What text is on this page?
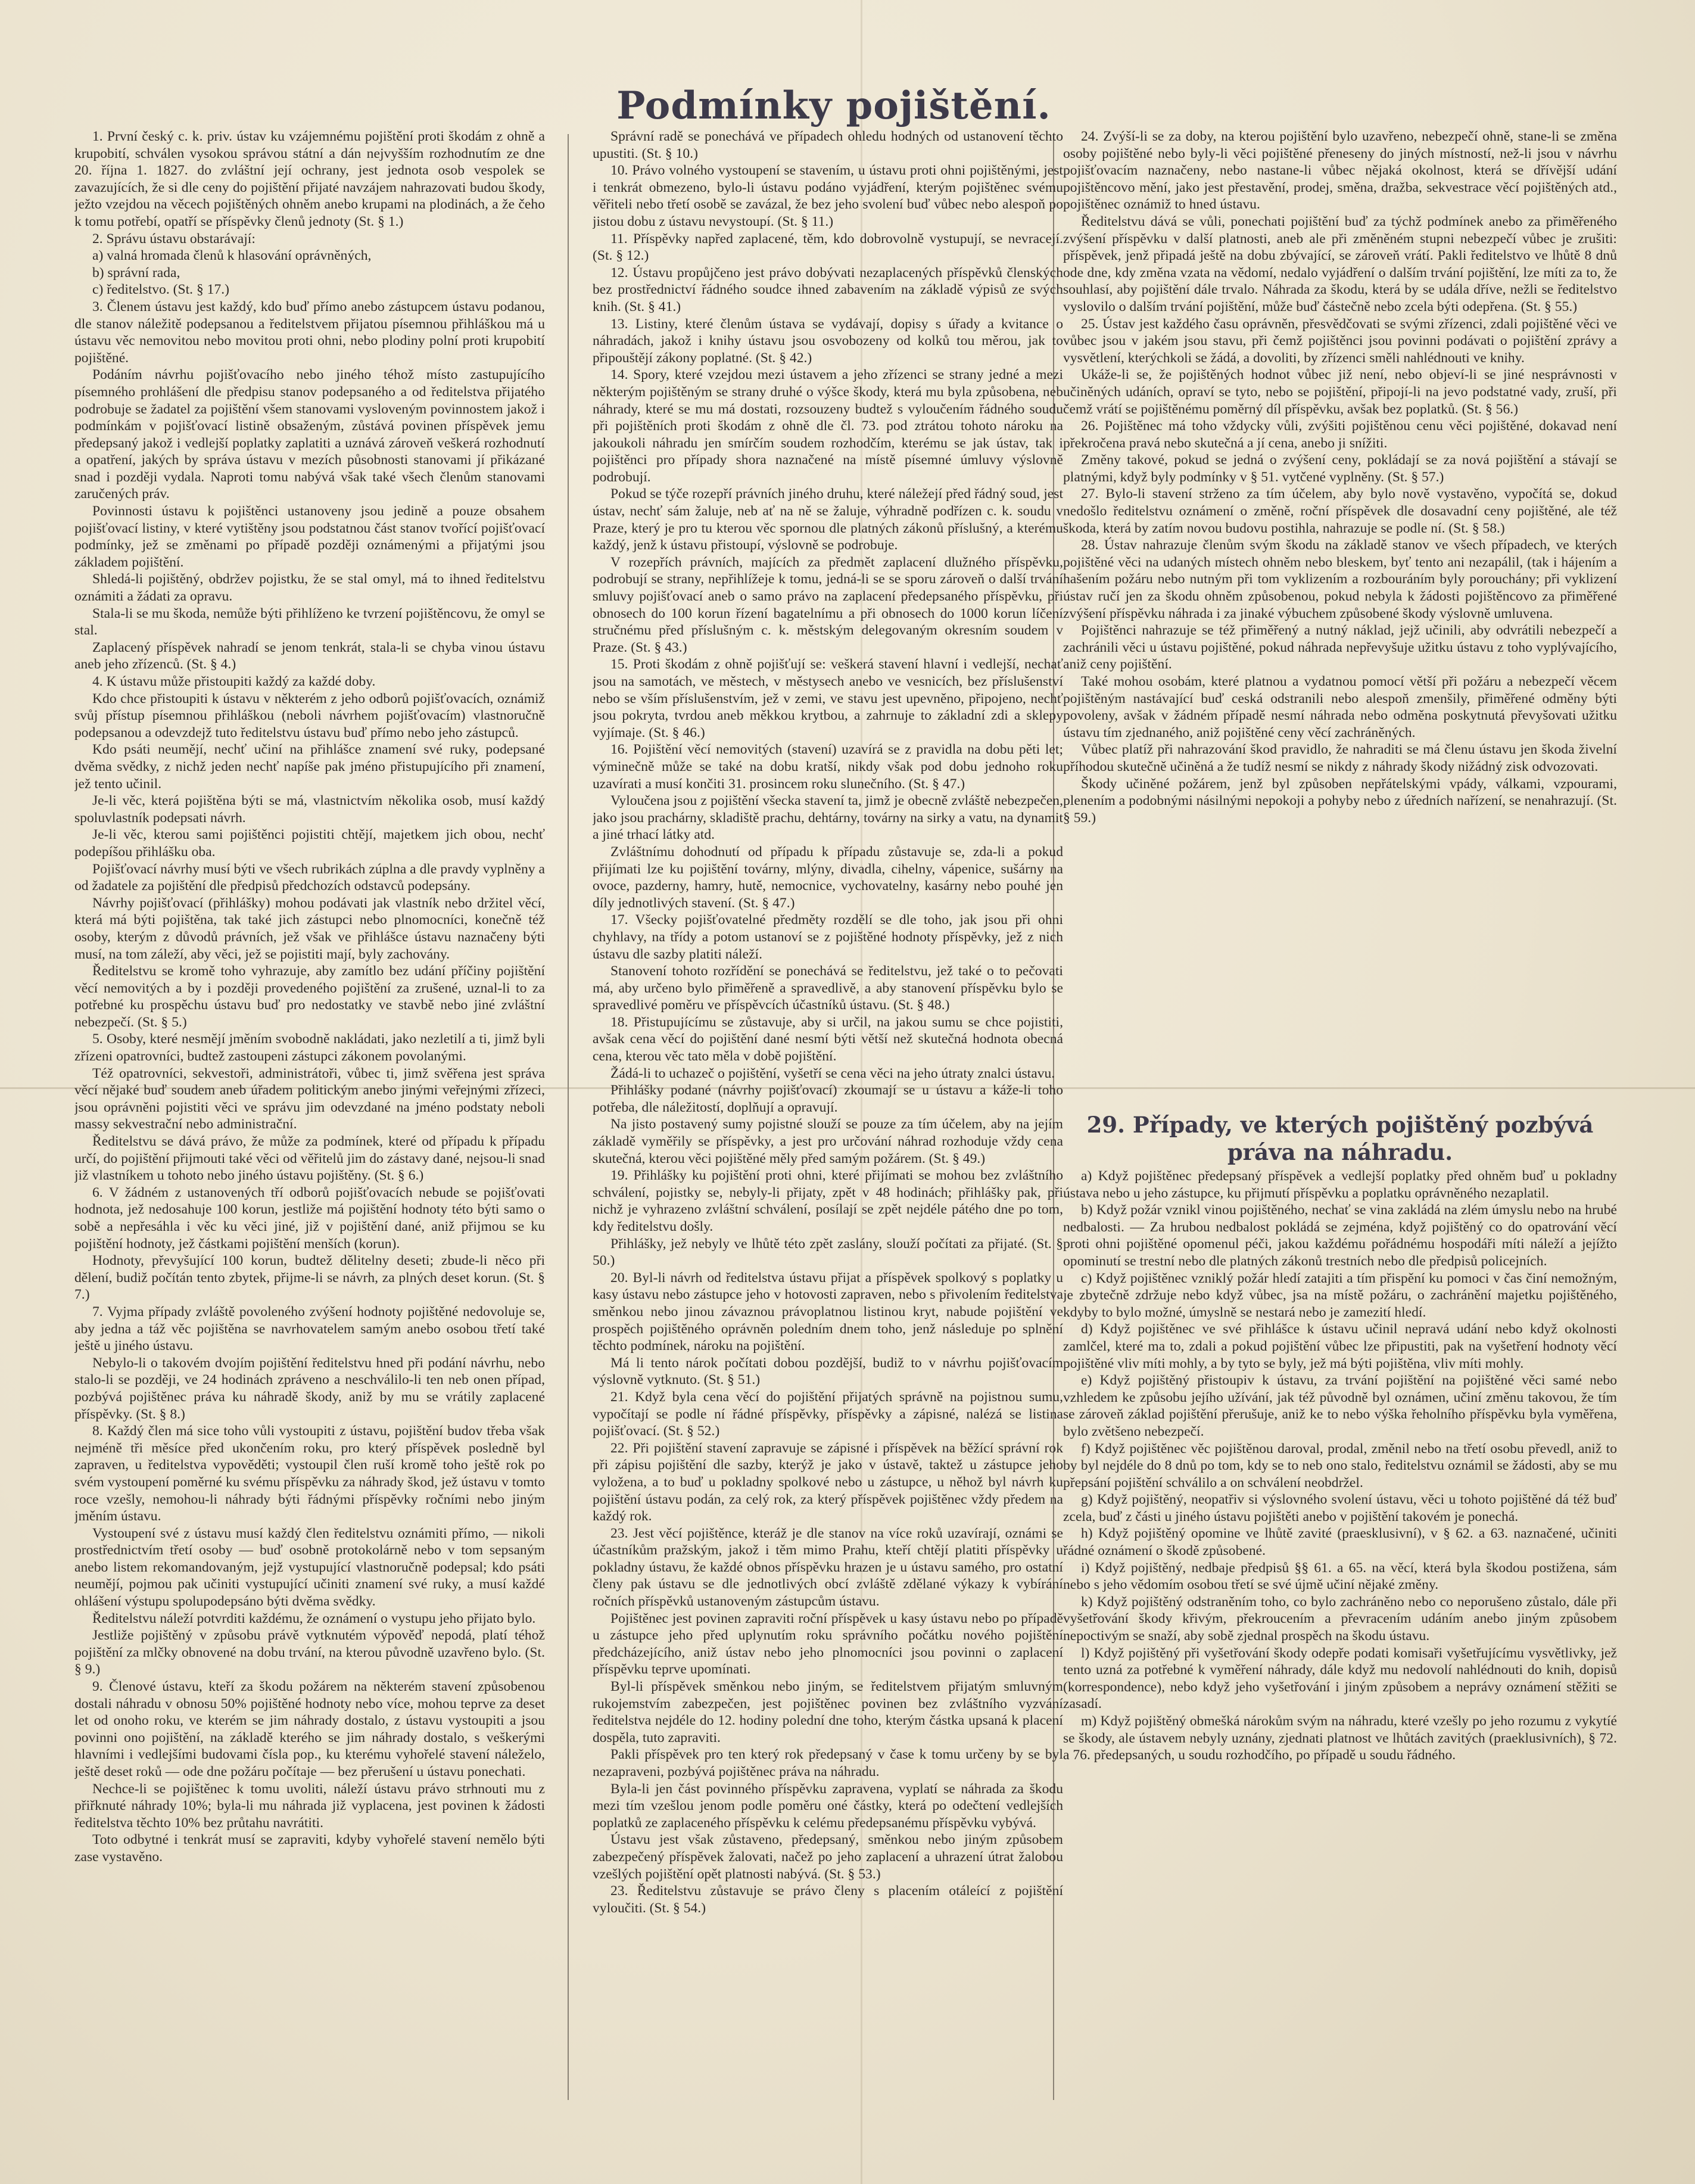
Podmínky pojištění.

1. První český c. k. priv. ústav ku vzájemnému pojištění proti škodám z ohně a krupobití, schválen vysokou správou státní a dán nejvyšším rozhodnutím ze dne 20. října 1. 1827. do zvláštní její ochrany, jest jednota osob vespolek se zavazujících, že si dle ceny do pojištění přijaté navzájem nahrazovati budou škody, ježto vzejdou na věcech pojištěných ohněm anebo krupami na plodinách, a že čeho k tomu potřebí, opatří se příspěvky členů jednoty (St. § 1.)

2. Správu ústavu obstarávají:

a) valná hromada členů k hlasování oprávněných,

b) správní rada,

c) ředitelstvo. (St. § 17.)

3. Členem ústavu jest každý, kdo buď přímo anebo zástupcem ústavu podanou, dle stanov náležitě podepsanou a ředitelstvem přijatou písemnou přihláškou má u ústavu věc nemovitou nebo movitou proti ohni, nebo plodiny polní proti krupobití pojištěné.

Podáním návrhu pojišťovacího nebo jiného téhož místo zastupujícího písemného prohlášení dle předpisu stanov podepsaného a od ředitelstva přijatého podrobuje se žadatel za pojištění všem stanovami vysloveným povinnostem jakož i podmínkám v pojišťovací listině obsaženým, zůstává povinen příspěvek jemu předepsaný jakož i vedlejší poplatky zaplatiti a uznává zároveň veškerá rozhodnutí a opatření, jakých by správa ústavu v mezích působnosti stanovami jí přikázané snad i později vydala. Naproti tomu nabývá však také všech členům stanovami zaručených práv.

Povinnosti ústavu k pojištěnci ustanoveny jsou jedině a pouze obsahem pojišťovací listiny, v které vytištěny jsou podstatnou část stanov tvořící pojišťovací podmínky, jež se změnami po případě později oznámenými a přijatými jsou základem pojištění.

Shledá-li pojištěný, obdržev pojistku, že se stal omyl, má to ihned ředitelstvu oznámiti a žádati za opravu.

Stala-li se mu škoda, nemůže býti přihlíženo ke tvrzení pojištěncovu, že omyl se stal.

Zaplacený příspěvek nahradí se jenom tenkrát, stala-li se chyba vinou ústavu aneb jeho zřízenců. (St. § 4.)

4. K ústavu může přistoupiti každý za každé doby.

Kdo chce přistoupiti k ústavu v některém z jeho odborů pojišťovacích, oznámiž svůj přístup písemnou přihláškou (neboli návrhem pojišťovacím) vlastnoručně podepsanou a odevzdejž tuto ředitelstvu ústavu buď přímo nebo jeho zástupců.

Kdo psáti neumějí, nechť učiní na přihlášce znamení své ruky, podepsané dvěma svědky, z nichž jeden nechť napíše pak jméno přistupujícího při znamení, jež tento učinil.

Je-li věc, která pojištěna býti se má, vlastnictvím několika osob, musí každý spoluvlastník podepsati návrh.

Je-li věc, kterou sami pojištěnci pojistiti chtějí, majetkem jich obou, nechť podepíšou přihlášku oba.

Pojišťovací návrhy musí býti ve všech rubrikách zúplna a dle pravdy vyplněny a od žadatele za pojištění dle předpisů předchozích odstavců podepsány.

Návrhy pojišťovací (přihlášky) mohou podávati jak vlastník nebo držitel věcí, která má býti pojištěna, tak také jich zástupci nebo plnomocníci, konečně též osoby, kterým z důvodů právních, jež však ve přihlášce ústavu naznačeny býti musí, na tom záleží, aby věci, jež se pojistiti mají, byly zachovány.

Ředitelstvu se kromě toho vyhrazuje, aby zamítlo bez udání příčiny pojištění věcí nemovitých a by i později provedeného pojištění za zrušené, uznal-li to za potřebné ku prospěchu ústavu buď pro nedostatky ve stavbě nebo jiné zvláštní nebezpečí. (St. § 5.)

5. Osoby, které nesmějí jměním svobodně nakládati, jako nezletilí a ti, jimž byli zřízeni opatrovníci, budtež zastoupeni zástupci zákonem povolanými.

Též opatrovníci, sekvestoři, administrátoři, vůbec ti, jimž svěřena jest správa věcí nějaké buď soudem aneb úřadem politickým anebo jinými veřejnými zřízeci, jsou oprávněni pojistiti věci ve správu jim odevzdané na jméno podstaty neboli massy sekvestrační nebo administrační.

Ředitelstvu se dává právo, že může za podmínek, které od případu k případu určí, do pojištění přijmouti také věci od věřitelů jim do zástavy dané, nejsou-li snad již vlastníkem u tohoto nebo jiného ústavu pojištěny. (St. § 6.)

6. V žádném z ustanovených tří odborů pojišťovacích nebude se pojišťovati hodnota, jež nedosahuje 100 korun, jestliže má pojištění hodnoty této býti samo o sobě a nepřesáhla i věc ku věci jiné, již v pojištění dané, aniž přijmou se ku pojištění hodnoty, jež částkami pojištění menších (korun).

Hodnoty, převyšující 100 korun, budtež dělitelny deseti; zbude-li něco při dělení, budiž počítán tento zbytek, přijme-li se návrh, za plných deset korun. (St. § 7.)

7. Vyjma případy zvláště povoleného zvýšení hodnoty pojištěné nedovoluje se, aby jedna a táž věc pojištěna se navrhovatelem samým anebo osobou třetí také ještě u jiného ústavu.

Nebylo-li o takovém dvojím pojištění ředitelstvu hned při podání návrhu, nebo stalo-li se později, ve 24 hodinách zpráveno a neschválilo-li ten neb onen případ, pozbývá pojištěnec práva ku náhradě škody, aniž by mu se vrátily zaplacené příspěvky. (St. § 8.)

8. Každý člen má sice toho vůli vystoupiti z ústavu, pojištění budov třeba však nejméně tři měsíce před ukončením roku, pro který příspěvek posledně byl zapraven, u ředitelstva vypověděti; vystoupil člen ruší kromě toho ještě rok po svém vystoupení poměrné ku svému příspěvku za náhrady škod, jež ústavu v tomto roce vzešly, nemohou-li náhrady býti řádnými příspěvky ročními nebo jiným jměním ústavu.

Vystoupení své z ústavu musí každý člen ředitelstvu oznámiti přímo, — nikoli prostřednictvím třetí osoby — buď osobně protokolárně nebo v tom sepsaným anebo listem rekomandovaným, jejž vystupující vlastnoručně podepsal; kdo psáti neumějí, pojmou pak učiniti vystupující učiniti znamení své ruky, a musí každé ohlášení výstupu spolupodepsáno býti dvěma svědky.

Ředitelstvu náleží potvrditi každému, že oznámení o vystupu jeho přijato bylo.

Jestliže pojištěný v způsobu právě vytknutém výpověď nepodá, platí téhož pojištění za mlčky obnovené na dobu trvání, na kterou původně uzavřeno bylo. (St. § 9.)

9. Členové ústavu, kteří za škodu požárem na některém stavení způsobenou dostali náhradu v obnosu 50% pojištěné hodnoty nebo více, mohou teprve za deset let od onoho roku, ve kterém se jim náhrady dostalo, z ústavu vystoupiti a jsou povinni ono pojištění, na základě kterého se jim náhrady dostalo, s veškerými hlavními i vedlejšími budovami čísla pop., ku kterému vyhořelé stavení náleželo, ještě deset roků — ode dne požáru počítaje — bez přerušení u ústavu ponechati.

Nechce-li se pojištěnec k tomu uvoliti, náleží ústavu právo strhnouti mu z přiřknuté náhrady 10%; byla-li mu náhrada již vyplacena, jest povinen k žádosti ředitelstva těchto 10% bez průtahu navrátiti.

Toto odbytné i tenkrát musí se zapraviti, kdyby vyhořelé stavení nemělo býti zase vystavěno.

Správní radě se ponechává ve případech ohledu hodných od ustanovení těchto upustiti. (St. § 10.)

10. Právo volného vystoupení se stavením, u ústavu proti ohni pojištěnými, jest i tenkrát obmezeno, bylo-li ústavu podáno vyjádření, kterým pojištěnec svému věřiteli nebo třetí osobě se zavázal, že bez jeho svolení buď vůbec nebo alespoň po jistou dobu z ústavu nevystoupí. (St. § 11.)

11. Příspěvky napřed zaplacené, těm, kdo dobrovolně vystupují, se nevracejí. (St. § 12.)

12. Ústavu propůjčeno jest právo dobývati nezaplacených příspěvků členských bez prostřednictví řádného soudce ihned zabavením na základě výpisů ze svých knih. (St. § 41.)

13. Listiny, které členům ústava se vydávají, dopisy s úřady a kvitance o náhradách, jakož i knihy ústavu jsou osvobozeny od kolků tou měrou, jak to připouštějí zákony poplatné. (St. § 42.)

14. Spory, které vzejdou mezi ústavem a jeho zřízenci se strany jedné a mezi některým pojištěným se strany druhé o výšce škody, která mu byla způsobena, neb náhrady, které se mu má dostati, rozsouzeny budtež s vyloučením řádného soudu při pojištěních proti škodám z ohně dle čl. 73. pod ztrátou tohoto nároku na jakoukoli náhradu jen smírčím soudem rozhodčím, kterému se jak ústav, tak i pojištěnci pro případy shora naznačené na místě písemné úmluvy výslovně podrobují.

Pokud se týče rozepří právních jiného druhu, které náležejí před řádný soud, jest ústav, nechť sám žaluje, neb ať na ně se žaluje, výhradně podřízen c. k. soudu v Praze, který je pro tu kterou věc spornou dle platných zákonů příslušný, a kterému každý, jenž k ústavu přistoupí, výslovně se podrobuje.

V rozepřích právních, majících za předmět zaplacení dlužného příspěvku, podrobují se strany, nepřihlížeje k tomu, jedná-li se se sporu zároveň o další trvání smluvy pojišťovací aneb o samo právo na zaplacení předepsaného příspěvku, při obnosech do 100 korun řízení bagatelnímu a při obnosech do 1000 korun líčení stručnému před příslušným c. k. městským delegovaným okresním soudem v Praze. (St. § 43.)

15. Proti škodám z ohně pojišťují se: veškerá stavení hlavní i vedlejší, nechať jsou na samotách, ve městech, v městysech anebo ve vesnicích, bez příslušenství nebo se vším příslušenstvím, jež v zemi, ve stavu jest upevněno, připojeno, nechť jsou pokryta, tvrdou aneb měkkou krytbou, a zahrnuje to základní zdi a sklepy vyjímaje. (St. § 46.)

16. Pojištění věcí nemovitých (stavení) uzavírá se z pravidla na dobu pěti let; výminečně může se také na dobu kratší, nikdy však pod dobu jednoho roku uzavírati a musí končiti 31. prosincem roku slunečního. (St. § 47.)

Vyloučena jsou z pojištění všecka stavení ta, jimž je obecně zvláště nebezpečen, jako jsou prachárny, skladiště prachu, dehtárny, továrny na sirky a vatu, na dynamit a jiné trhací látky atd.

Zvláštnímu dohodnutí od případu k případu zůstavuje se, zda-li a pokud přijímati lze ku pojištění továrny, mlýny, divadla, cihelny, vápenice, sušárny na ovoce, pazderny, hamry, hutě, nemocnice, vychovatelny, kasárny nebo pouhé jen díly jednotlivých stavení. (St. § 47.)

17. Všecky pojišťovatelné předměty rozdělí se dle toho, jak jsou při ohni chyhlavy, na třídy a potom ustanoví se z pojištěné hodnoty příspěvky, jež z nich ústavu dle sazby platiti náleží.

Stanovení tohoto rozřídění se ponechává se ředitelstvu, jež také o to pečovati má, aby určeno bylo přiměřeně a spravedlivě, a aby stanovení příspěvku bylo se spravedlivé poměru ve příspěvcích účastníků ústavu. (St. § 48.)

18. Přistupujícímu se zůstavuje, aby si určil, na jakou sumu se chce pojistiti, avšak cena věcí do pojištění dané nesmí býti větší než skutečná hodnota obecná cena, kterou věc tato měla v době pojištění.

Žádá-li to uchazeč o pojištění, vyšetří se cena věci na jeho útraty znalci ústavu.

Přihlášky podané (návrhy pojišťovací) zkoumají se u ústavu a káže-li toho potřeba, dle náležitostí, doplňují a opravují.

Na jisto postavený sumy pojistné slouží se pouze za tím účelem, aby na jejím základě vyměřily se příspěvky, a jest pro určování náhrad rozhoduje vždy cena skutečná, kterou věci pojištěné měly před samým požárem. (St. § 49.)

19. Přihlášky ku pojištění proti ohni, které přijímati se mohou bez zvláštního schválení, pojistky se, nebyly-li přijaty, zpět v 48 hodinách; přihlášky pak, při nichž je vyhrazeno zvláštní schválení, posílají se zpět nejdéle pátého dne po tom, kdy ředitelstvu došly.

Přihlášky, jež nebyly ve lhůtě této zpět zaslány, slouží počítati za přijaté. (St. § 50.)

20. Byl-li návrh od ředitelstva ústavu přijat a příspěvek spolkový s poplatky u kasy ústavu nebo zástupce jeho v hotovosti zapraven, nebo s přivolením ředitelstva směnkou nebo jinou závaznou právoplatnou listinou kryt, nabude pojištění ve prospěch pojištěného oprávněn poledním dnem toho, jenž následuje po splnění těchto podmínek, nároku na pojištění.

Má li tento nárok počítati dobou pozdější, budiž to v návrhu pojišťovacím výslovně vytknuto. (St. § 51.)

21. Když byla cena věcí do pojištění přijatých správně na pojistnou sumu, vypočítají se podle ní řádné příspěvky, příspěvky a zápisné, nalézá se listina pojišťovací. (St. § 52.)

22. Při pojištění stavení zapravuje se zápisné i příspěvek na běžící správní rok při zápisu pojištění dle sazby, kterýž je jako v ústavě, taktež u zástupce jeho vyložena, a to buď u pokladny spolkové nebo u zástupce, u něhož byl návrh ku pojištění ústavu podán, za celý rok, za který příspěvek pojištěnec vždy předem na každý rok.

23. Jest věcí pojištěnce, kteráž je dle stanov na více roků uzavírají, oznámi se účastníkům pražským, jakož i těm mimo Prahu, kteří chtějí platiti příspěvky u pokladny ústavu, že každé obnos příspěvku hrazen je u ústavu samého, pro ostatní členy pak ústavu se dle jednotlivých obcí zvláště zdělané výkazy k vybírání ročních příspěvků ustanoveným zástupcům ústavu.

Pojištěnec jest povinen zapraviti roční příspěvek u kasy ústavu nebo po případě u zástupce jeho před uplynutím roku správního počátku nového pojištění předcházejícího, aniž ústav nebo jeho plnomocníci jsou povinni o zaplacení příspěvku teprve upomínati.

Byl-li příspěvek směnkou nebo jiným, se ředitelstvem přijatým smluvným rukojemstvím zabezpečen, jest pojištěnec povinen bez zvláštního vyzvání ředitelstva nejdéle do 12. hodiny polední dne toho, kterým částka upsaná k placení dospěla, tuto zapraviti.

Pakli příspěvek pro ten který rok předepsaný v čase k tomu určeny by se byl nezapraveni, pozbývá pojištěnec práva na náhradu.

Byla-li jen část povinného příspěvku zapravena, vyplatí se náhrada za škodu mezi tím vzešlou jenom podle poměru oné částky, která po odečtení vedlejších poplatků ze zaplaceného příspěvku k celému předepsanému příspěvku vybývá.

Ústavu jest však zůstaveno, předepsaný, směnkou nebo jiným způsobem zabezpečený příspěvek žalovati, načež po jeho zaplacení a uhrazení útrat žalobou vzešlých pojištění opět platnosti nabývá. (St. § 53.)

23. Ředitelstvu zůstavuje se právo členy s placením otáleící z pojištění vyloučiti. (St. § 54.)

24. Zvýší-li se za doby, na kterou pojištění bylo uzavřeno, nebezpečí ohně, stane-li se změna osoby pojištěné nebo byly-li věci pojištěné přeneseny do jiných místností, než-li jsou v návrhu pojišťovacím naznačeny, nebo nastane-li vůbec nějaká okolnost, která se dřívější udání pojištěncovo mění, jako jest přestavění, prodej, směna, dražba, sekvestrace věcí pojištěných atd., pojištěnec oznámiž to hned ústavu.

Ředitelstvu dává se vůli, ponechati pojištění buď za týchž podmínek anebo za přiměřeného zvýšení příspěvku v další platnosti, aneb ale při změněném stupni nebezpečí vůbec je zrušiti: příspěvek, jenž připadá ještě na dobu zbývající, se zároveň vrátí. Pakli ředitelstvo ve lhůtě 8 dnů ode dne, kdy změna vzata na vědomí, nedalo vyjádření o dalším trvání pojištění, lze míti za to, že souhlasí, aby pojištění dále trvalo. Náhrada za škodu, která by se udála dříve, nežli se ředitelstvo vyslovilo o dalším trvání pojištění, může buď částečně nebo zcela býti odepřena. (St. § 55.)

25. Ústav jest každého času oprávněn, přesvědčovati se svými zřízenci, zdali pojištěné věci ve vůbec jsou v jakém jsou stavu, při čemž pojištěnci jsou povinni podávati o pojištění zprávy a vysvětlení, kterýchkoli se žádá, a dovoliti, by zřízenci směli nahlédnouti ve knihy.

Ukáže-li se, že pojištěných hodnot vůbec již není, nebo objeví-li se jiné nesprávnosti v učiněných udáních, opraví se tyto, nebo se pojištění, připojí-li na jevo podstatné vady, zruší, při čemž vrátí se pojištěnému poměrný díl příspěvku, avšak bez poplatků. (St. § 56.)

26. Pojištěnec má toho vždycky vůli, zvýšiti pojištěnou cenu věci pojištěné, dokavad není překročena pravá nebo skutečná a jí cena, anebo ji snížiti.

Změny takové, pokud se jedná o zvýšení ceny, pokládají se za nová pojištění a stávají se platnými, když byly podmínky v § 51. vytčené vyplněny. (St. § 57.)

27. Bylo-li stavení strženo za tím účelem, aby bylo nově vystavěno, vypočítá se, dokud nedošlo ředitelstvu oznámení o změně, roční příspěvek dle dosavadní ceny pojištěné, ale též škoda, která by zatím novou budovu postihla, nahrazuje se podle ní. (St. § 58.)

28. Ústav nahrazuje členům svým škodu na základě stanov ve všech případech, ve kterých pojištěné věci na udaných místech ohněm nebo bleskem, byť tento ani nezapálil, (tak i hájením a hašením požáru nebo nutným při tom vyklizením a rozbouráním byly porouchány; při vyklizení ústav ručí jen za škodu ohněm způsobenou, pokud nebyla k žádosti pojištěncovo za přiměřené zvýšení příspěvku náhrada i za jinaké výbuchem způsobené škody výslovně umluvena.

Pojištěnci nahrazuje se též přiměřený a nutný náklad, jejž učinili, aby odvrátili nebezpečí a zachránili věci u ústavu pojištěné, pokud náhrada nepřevyšuje užitku ústavu z toho vyplývajícího, aniž ceny pojištění.

Také mohou osobám, které platnou a vydatnou pomocí větší při požáru a nebezpečí věcem pojištěným nastávající buď ceská odstranili nebo alespoň zmenšily, přiměřené odměny býti povoleny, avšak v žádném případě nesmí náhrada nebo odměna poskytnutá převyšovati užitku ústavu tím zjednaného, aniž pojištěné ceny věcí zachráněných.

Vůbec platíž při nahrazování škod pravidlo, že nahraditi se má členu ústavu jen škoda živelní příhodou skutečně učiněná a že tudíž nesmí se nikdy z náhrady škody nižádný zisk odvozovati.

Škody učiněné požárem, jenž byl způsoben nepřátelskými vpády, válkami, vzpourami, plenením a podobnými násilnými nepokoji a pohyby nebo z úředních nařízení, se nenahrazují. (St. § 59.)

29. Případy, ve kterých pojištěný pozbývá práva na náhradu.

a) Když pojištěnec předepsaný příspěvek a vedlejší poplatky před ohněm buď u pokladny ústava nebo u jeho zástupce, ku přijmutí příspěvku a poplatku oprávněného nezaplatil.

b) Když požár vznikl vinou pojištěného, nechať se vina zakládá na zlém úmyslu nebo na hrubé nedbalosti. — Za hrubou nedbalost pokládá se zejména, když pojištěný co do opatrování věcí proti ohni pojištěné opomenul péči, jakou každému pořádnému hospodáři míti náleží a jejížto opominutí se trestní nebo dle platných zákonů trestních nebo dle předpisů policejních.

c) Když pojištěnec vzniklý požár hledí zatajiti a tím přispění ku pomoci v čas činí nemožným, je zbytečně zdržuje nebo když vůbec, jsa na místě požáru, o zachránění majetku pojištěného, kdyby to bylo možné, úmyslně se nestará nebo je zamezití hledí.

d) Když pojištěnec ve své přihlášce k ústavu učinil nepravá udání nebo když okolnosti zamlčel, které ma to, zdali a pokud pojištění vůbec lze připustiti, pak na vyšetření hodnoty věcí pojištěné vliv míti mohly, a by tyto se byly, jež má býti pojištěna, vliv míti mohly.

e) Když pojištěný přistoupiv k ústavu, za trvání pojištění na pojištěné věci samé nebo vzhledem ke způsobu jejího užívání, jak též původně byl oznámen, učiní změnu takovou, že tím se zároveň základ pojištění přerušuje, aniž ke to nebo výška řeholního příspěvku byla vyměřena, bylo zvětšeno nebezpečí.

f) Když pojištěnec věc pojištěnou daroval, prodal, změnil nebo na třetí osobu převedl, aniž to by byl nejdéle do 8 dnů po tom, kdy se to neb ono stalo, ředitelstvu oznámil se žádosti, aby se mu přepsání pojištění schválilo a on schválení neobdržel.

g) Když pojištěný, neopatřiv si výslovného svolení ústavu, věci u tohoto pojištěné dá též buď zcela, buď z části u jiného ústavu pojištěti anebo v pojištění takovém je ponechá.

h) Když pojištěný opomine ve lhůtě zavité (praesklusivní), v § 62. a 63. naznačené, učiniti řádné oznámení o škodě způsobené.

i) Když pojištěný, nedbaje předpisů §§ 61. a 65. na věcí, která byla škodou postižena, sám nebo s jeho vědomím osobou třetí se své újmě učiní nějaké změny.

k) Když pojištěný odstraněním toho, co bylo zachráněno nebo co neporušeno zůstalo, dále při vyšetřování škody křivým, překroucením a převracením udáním anebo jiným způsobem nepoctivým se snaží, aby sobě zjednal prospěch na škodu ústavu.

l) Když pojištěný při vyšetřování škody odepře podati komisaři vyšetřujícímu vysvětlivky, jež tento uzná za potřebné k vyměření náhrady, dále když mu nedovolí nahlédnouti do knih, dopisů (korrespondence), nebo když jeho vyšetřování i jiným způsobem a neprávy oznámení stěžiti se zasadí.

m) Když pojištěný obmešká nárokům svým na náhradu, které vzešly po jeho rozumu z vykytíé se škody, ale ústavem nebyly uznány, zjednati platnost ve lhůtách zavitých (praeklusivních), § 72. a 76. předepsaných, u soudu rozhodčího, po případě u soudu řádného.
